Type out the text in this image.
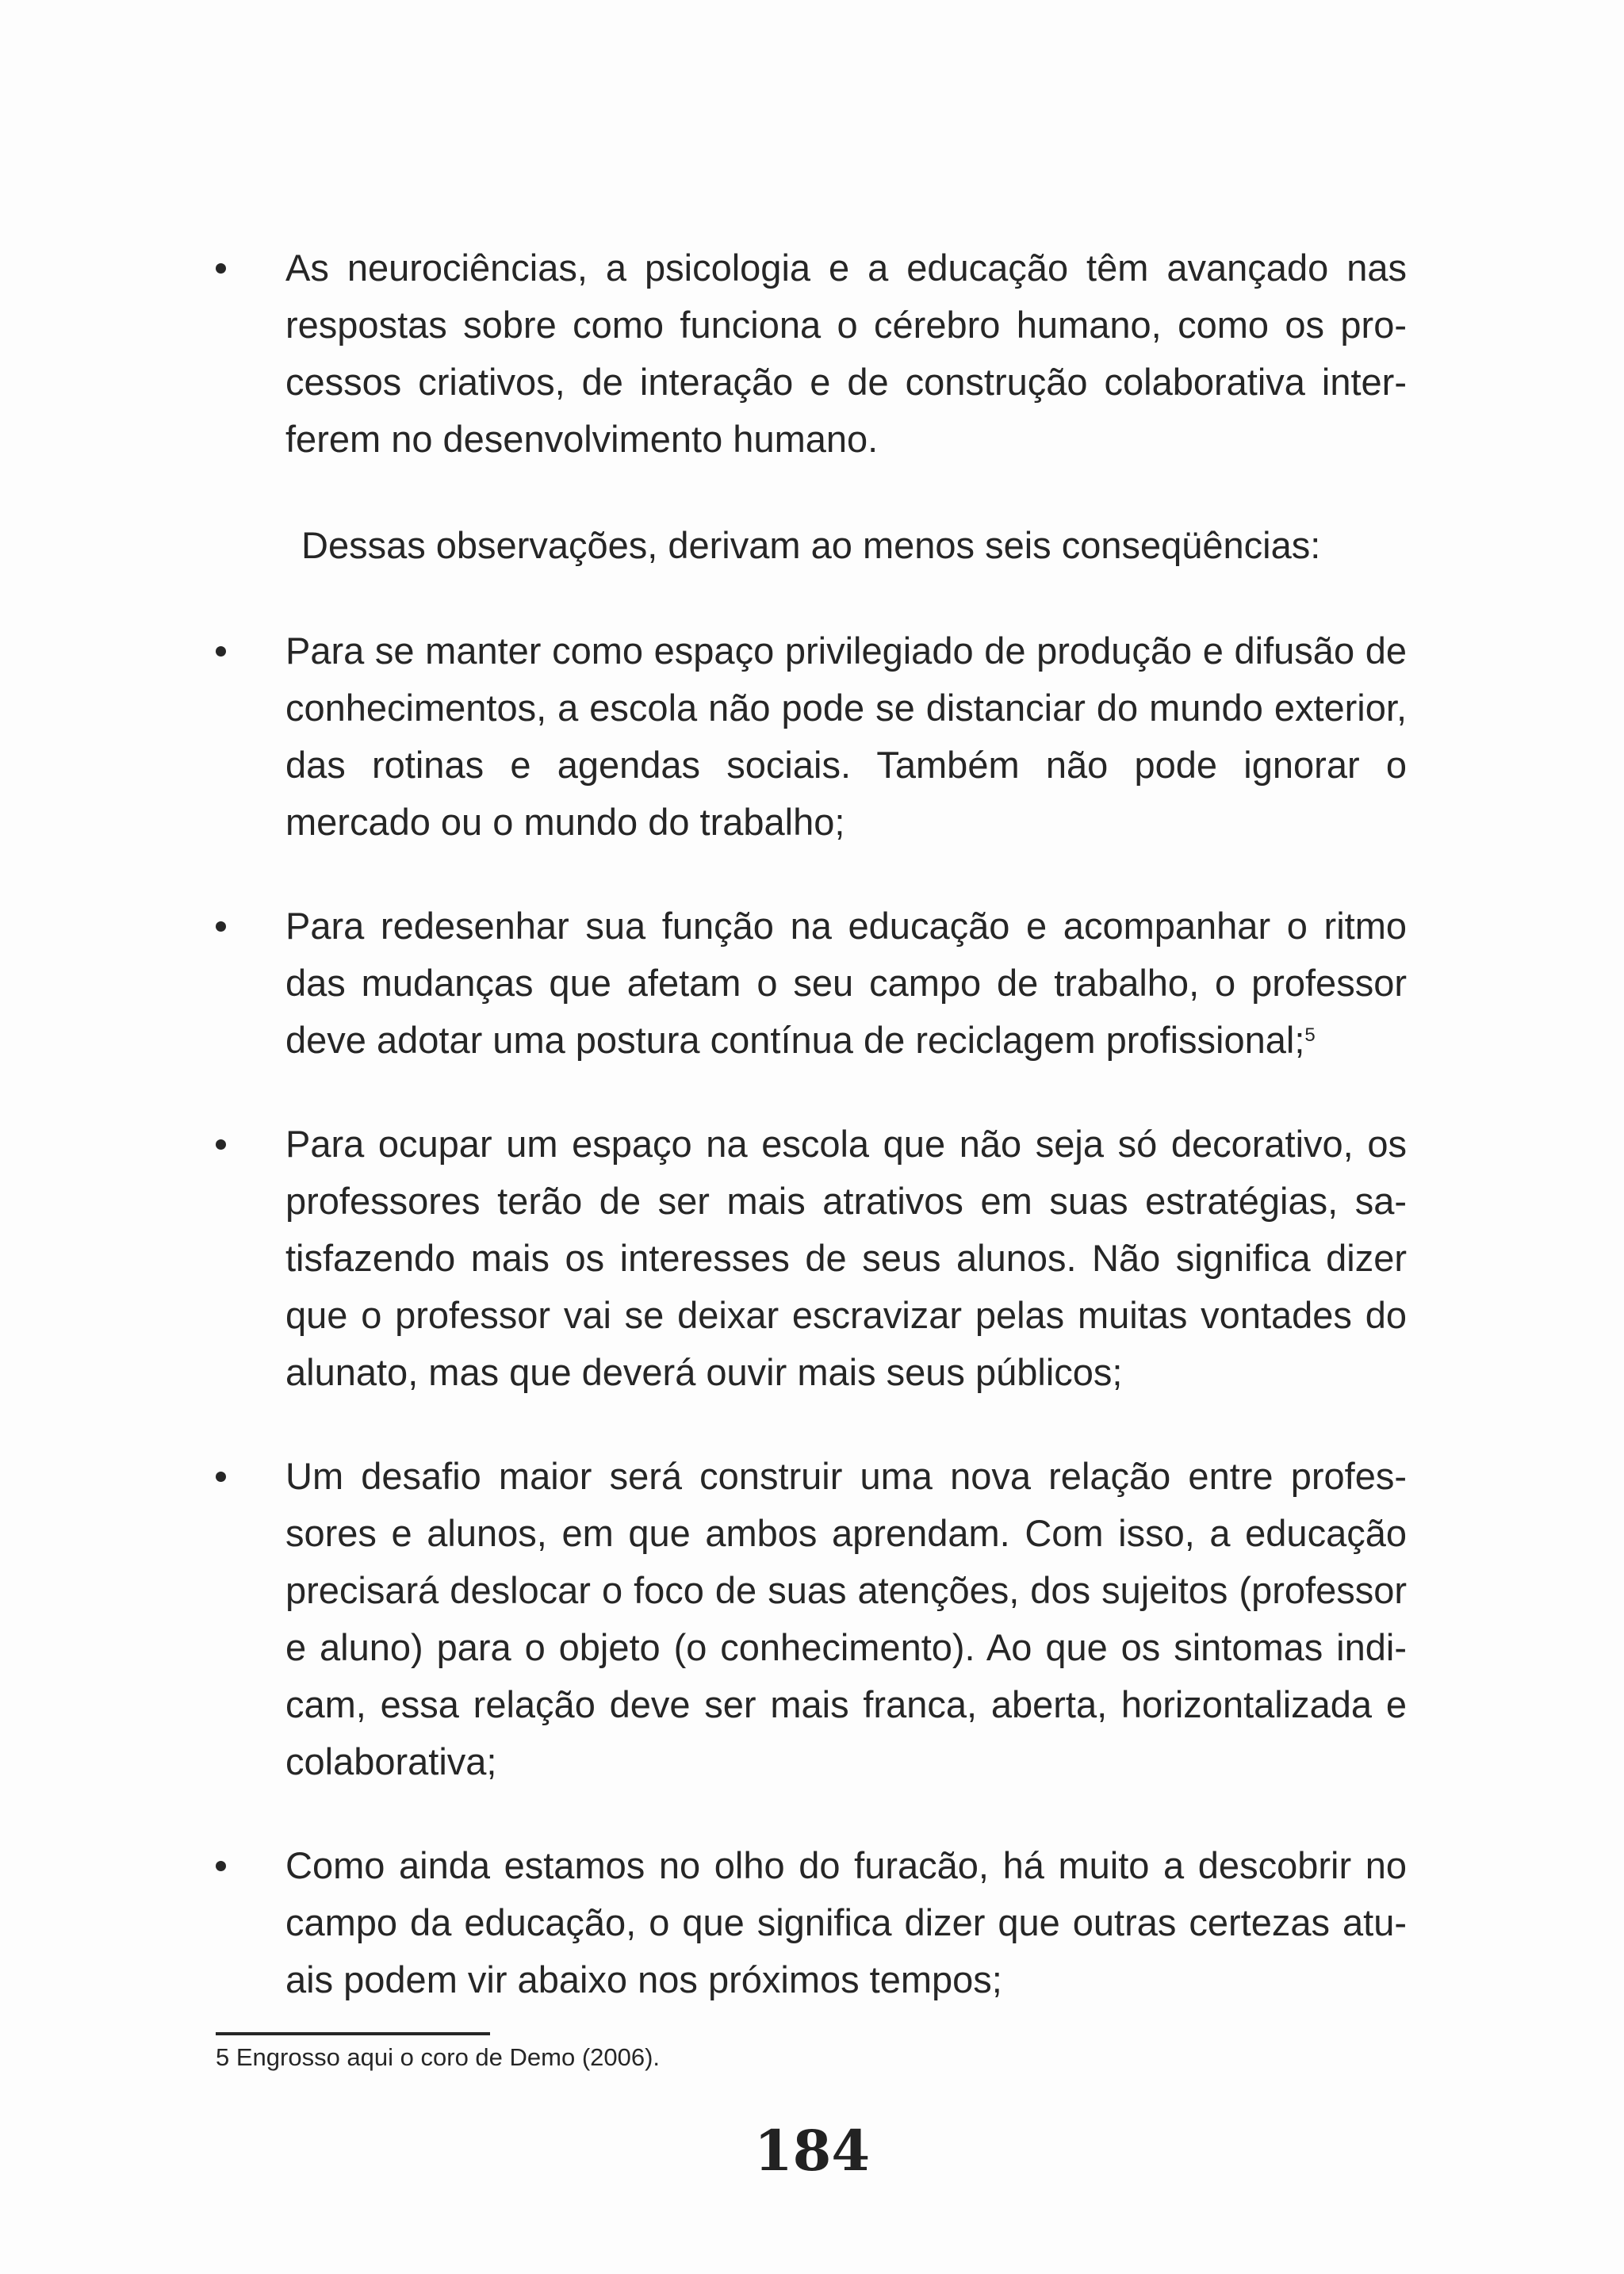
As neurociências, a psicologia e a educação têm avançado nas respostas sobre como funciona o cérebro humano, como os processos criativos, de interação e de construção colaborativa interferem no desenvolvimento humano.

Dessas observações, derivam ao menos seis conseqüências:

Para se manter como espaço privilegiado de produção e difusão de conhecimentos, a escola não pode se distanciar do mundo exterior, das rotinas e agendas sociais. Também não pode ignorar o mercado ou o mundo do trabalho;

Para redesenhar sua função na educação e acompanhar o ritmo das mudanças que afetam o seu campo de trabalho, o professor deve adotar uma postura contínua de reciclagem profissional;$^5$

Para ocupar um espaço na escola que não seja só decorativo, os professores terão de ser mais atrativos em suas estratégias, satisfazendo mais os interesses de seus alunos. Não significa dizer que o professor vai se deixar escravizar pelas muitas vontades do alunato, mas que deverá ouvir mais seus públicos;

Um desafio maior será construir uma nova relação entre professores e alunos, em que ambos aprendam. Com isso, a educação precisará deslocar o foco de suas atenções, dos sujeitos (professor e aluno) para o objeto (o conhecimento). Ao que os sintomas indicam, essa relação deve ser mais franca, aberta, horizontalizada e colaborativa;

Como ainda estamos no olho do furacão, há muito a descobrir no campo da educação, o que significa dizer que outras certezas atuais podem vir abaixo nos próximos tempos;

5 Engrosso aqui o coro de Demo (2006).
184
